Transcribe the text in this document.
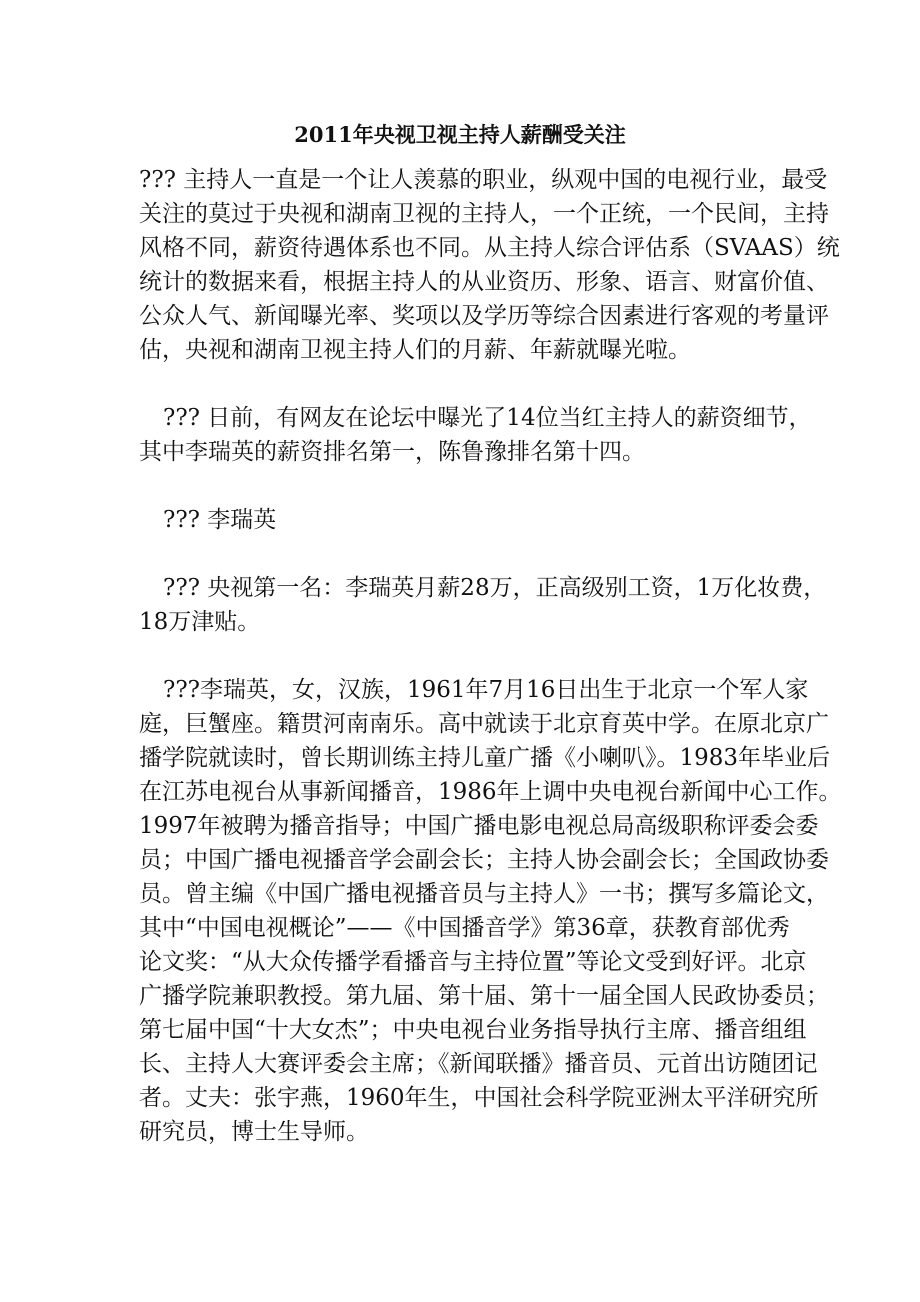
2011年央视卫视主持人薪酬受关注
??? 主持人一直是一个让人羡慕的职业，纵观中国的电视行业，最受
关注的莫过于央视和湖南卫视的主持人，一个正统，一个民间，主持
风格不同，薪资待遇体系也不同。从主持人综合评估系（SVAAS）统
统计的数据来看，根据主持人的从业资历、形象、语言、财富价值、
公众人气、新闻曝光率、奖项以及学历等综合因素进行客观的考量评
估，央视和湖南卫视主持人们的月薪、年薪就曝光啦。
??? 日前，有网友在论坛中曝光了14位当红主持人的薪资细节，
其中李瑞英的薪资排名第一，陈鲁豫排名第十四。
??? 李瑞英
??? 央视第一名：李瑞英月薪28万，正高级别工资，1万化妆费，
18万津贴。
???李瑞英，女，汉族，1961年7月16日出生于北京一个军人家
庭，巨蟹座。籍贯河南南乐。高中就读于北京育英中学。在原北京广
播学院就读时，曾长期训练主持儿童广播《小喇叭》。1983年毕业后
在江苏电视台从事新闻播音，1986年上调中央电视台新闻中心工作。
1997年被聘为播音指导；中国广播电影电视总局高级职称评委会委
员；中国广播电视播音学会副会长；主持人协会副会长；全国政协委
员。曾主编《中国广播电视播音员与主持人》一书；撰写多篇论文，
其中“中国电视概论”——《中国播音学》第36章，获教育部优秀
论文奖：“从大众传播学看播音与主持位置”等论文受到好评。北京
广播学院兼职教授。第九届、第十届、第十一届全国人民政协委员；
第七届中国“十大女杰”；中央电视台业务指导执行主席、播音组组
长、主持人大赛评委会主席；《新闻联播》播音员、元首出访随团记
者。丈夫：张宇燕，1960年生，中国社会科学院亚洲太平洋研究所
研究员，博士生导师。
